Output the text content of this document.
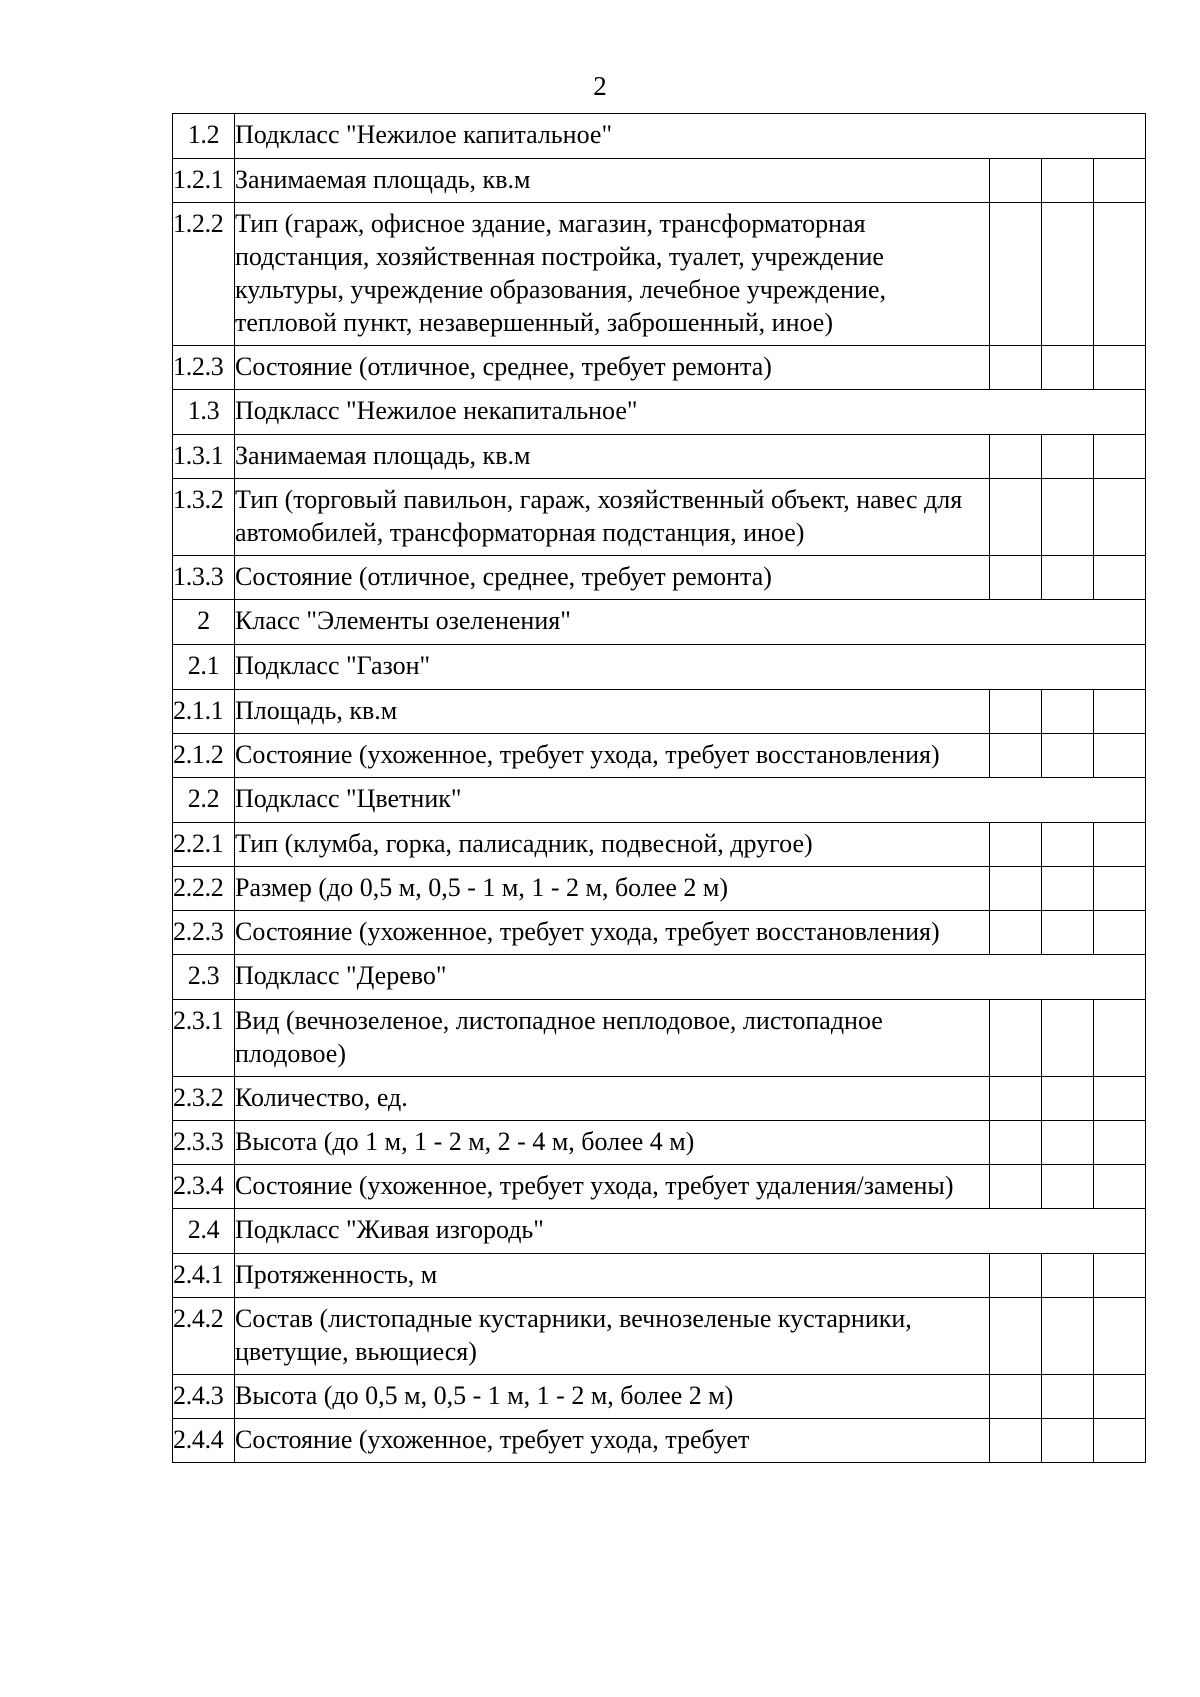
2
1.2	Подкласс "Нежилое капитальное"			
1.2.1	Занимаемая площадь, кв.м			
1.2.2	Тип (гараж, офисное здание, магазин, трансформаторная подстанция, хозяйственная постройка, туалет, учреждение культуры, учреждение образования, лечебное учреждение, тепловой пункт, незавершенный, заброшенный, иное)			
1.2.3	Состояние (отличное, среднее, требует ремонта)			
1.3	Подкласс "Нежилое некапитальное"			
1.3.1	Занимаемая площадь, кв.м			
1.3.2	Тип (торговый павильон, гараж, хозяйственный объект, навес для автомобилей, трансформаторная подстанция, иное)			
1.3.3	Состояние (отличное, среднее, требует ремонта)			
2	Класс "Элементы озеленения"			
2.1	Подкласс "Газон"			
2.1.1	Площадь, кв.м			
2.1.2	Состояние (ухоженное, требует ухода, требует восстановления)			
2.2	Подкласс "Цветник"			
2.2.1	Тип (клумба, горка, палисадник, подвесной, другое)			
2.2.2	Размер (до 0,5 м, 0,5 - 1 м, 1 - 2 м, более 2 м)			
2.2.3	Состояние (ухоженное, требует ухода, требует восстановления)			
2.3	Подкласс "Дерево"			
2.3.1	Вид (вечнозеленое, листопадное неплодовое, листопадное плодовое)			
2.3.2	Количество, ед.			
2.3.3	Высота (до 1 м, 1 - 2 м, 2 - 4 м, более 4 м)			
2.3.4	Состояние (ухоженное, требует ухода, требует удаления/замены)			
2.4	Подкласс "Живая изгородь"			
2.4.1	Протяженность, м			
2.4.2	Состав (листопадные кустарники, вечнозеленые кустарники, цветущие, вьющиеся)			
2.4.3	Высота (до 0,5 м, 0,5 - 1 м, 1 - 2 м, более 2 м)			
2.4.4	Состояние (ухоженное, требует ухода, требует			
